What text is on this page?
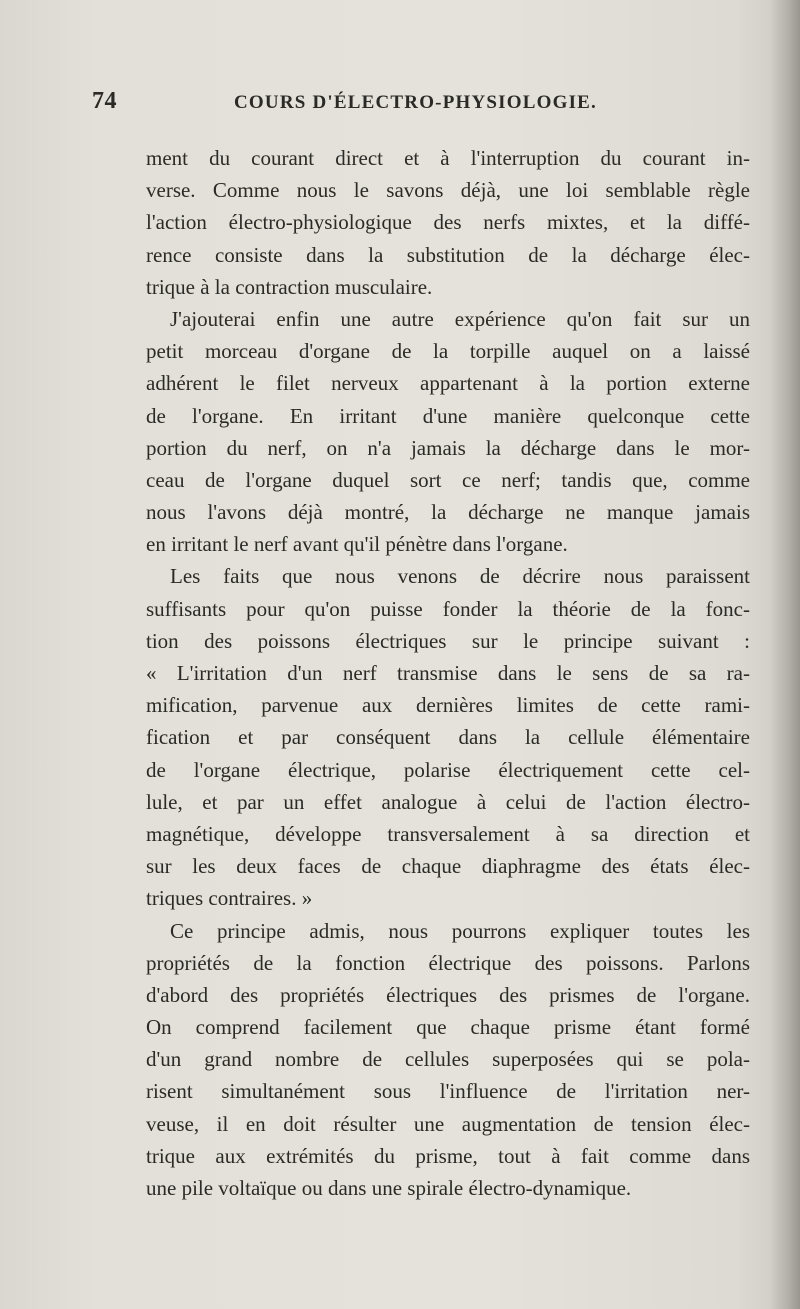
74	COURS D'ÉLECTRO-PHYSIOLOGIE.
ment du courant direct et à l'interruption du courant in-
verse. Comme nous le savons déjà, une loi semblable règle
l'action électro-physiologique des nerfs mixtes, et la diffé-
rence consiste dans la substitution de la décharge élec-
trique à la contraction musculaire.
J'ajouterai enfin une autre expérience qu'on fait sur un
petit morceau d'organe de la torpille auquel on a laissé
adhérent le filet nerveux appartenant à la portion externe
de l'organe. En irritant d'une manière quelconque cette
portion du nerf, on n'a jamais la décharge dans le mor-
ceau de l'organe duquel sort ce nerf; tandis que, comme
nous l'avons déjà montré, la décharge ne manque jamais
en irritant le nerf avant qu'il pénètre dans l'organe.
Les faits que nous venons de décrire nous paraissent
suffisants pour qu'on puisse fonder la théorie de la fonc-
tion des poissons électriques sur le principe suivant :
« L'irritation d'un nerf transmise dans le sens de sa ra-
mification, parvenue aux dernières limites de cette rami-
fication et par conséquent dans la cellule élémentaire
de l'organe électrique, polarise électriquement cette cel-
lule, et par un effet analogue à celui de l'action électro-
magnétique, développe transversalement à sa direction et
sur les deux faces de chaque diaphragme des états élec-
triques contraires. »
Ce principe admis, nous pourrons expliquer toutes les
propriétés de la fonction électrique des poissons. Parlons
d'abord des propriétés électriques des prismes de l'organe.
On comprend facilement que chaque prisme étant formé
d'un grand nombre de cellules superposées qui se pola-
risent simultanément sous l'influence de l'irritation ner-
veuse, il en doit résulter une augmentation de tension élec-
trique aux extrémités du prisme, tout à fait comme dans
une pile voltaïque ou dans une spirale électro-dynamique.
